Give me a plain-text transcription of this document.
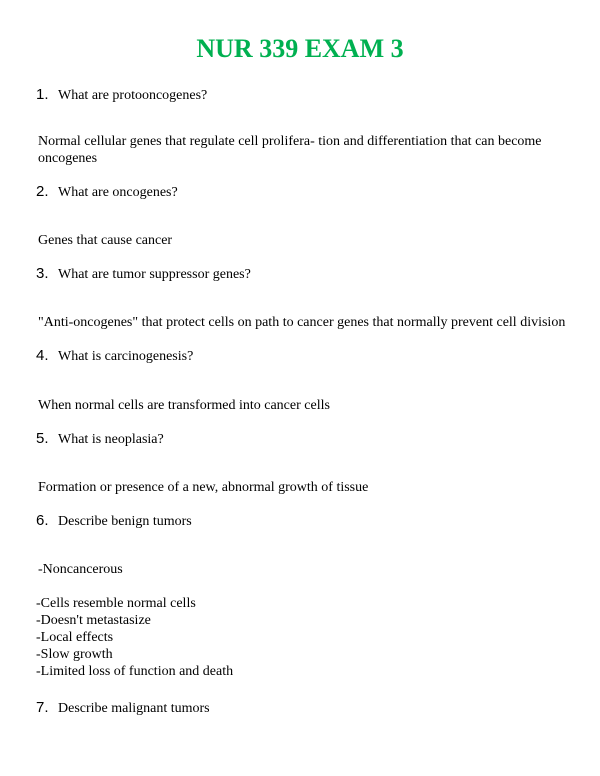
NUR 339 EXAM 3
1. What are protooncogenes?
Normal cellular genes that regulate cell prolifera- tion and differentiation that can become oncogenes
2. What are oncogenes?
Genes that cause cancer
3. What are tumor suppressor genes?
"Anti-oncogenes" that protect cells on path to cancer genes that normally prevent cell division
4. What is carcinogenesis?
When normal cells are transformed into cancer cells
5. What is neoplasia?
Formation or presence of a new, abnormal growth of tissue
6. Describe benign tumors
-Noncancerous
-Cells resemble normal cells
-Doesn't metastasize
-Local effects
-Slow growth
-Limited loss of function and death
7. Describe malignant tumors
